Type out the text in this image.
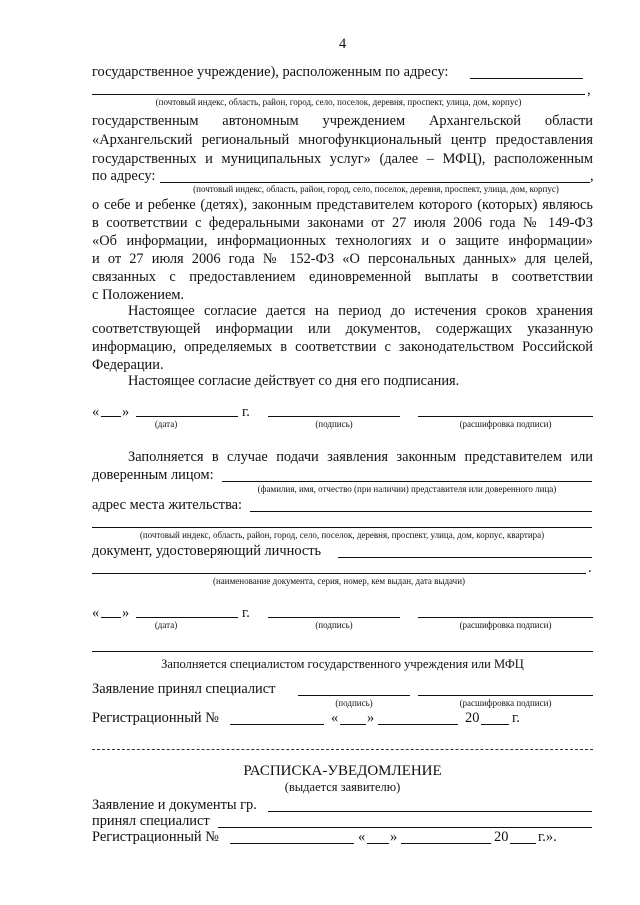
4
государственное учреждение), расположенным по адресу:
,
(почтовый индекс, область, район, город, село, поселок, деревня, проспект, улица, дом, корпус)
государственным автономным учреждением Архангельской области
«Архангельский региональный многофункциональный центр предоставления
государственных и муниципальных услуг» (далее – МФЦ), расположенным
по адресу:	,
(почтовый индекс, область, район, город, село, поселок, деревня, проспект, улица, дом, корпус)
о себе и ребенке (детях), законным представителем которого (которых) являюсь
в соответствии с федеральными законами от 27 июля 2006 года № 149-ФЗ
«Об информации, информационных технологиях и о защите информации»
и от 27 июля 2006 года № 152-ФЗ «О персональных данных» для целей,
связанных с предоставлением единовременной выплаты в соответствии
с Положением.
Настоящее согласие дается на период до истечения сроков хранения
соответствующей информации или документов, содержащих указанную
информацию, определяемых в соответствии с законодательством Российской
Федерации.
Настоящее согласие действует со дня его подписания.
« »	г.
(дата)	(подпись)	(расшифровка подписи)
Заполняется в случае подачи заявления законным представителем или
доверенным лицом:
(фамилия, имя, отчество (при наличии) представителя или доверенного лица)
адрес места жительства:
(почтовый индекс, область, район, город, село, поселок, деревня, проспект, улица, дом, корпус, квартира)
документ, удостоверяющий личность
.
(наименование документа, серия, номер, кем выдан, дата выдачи)
« »	г.
(дата)	(подпись)	(расшифровка подписи)
Заполняется специалистом государственного учреждения или МФЦ
Заявление принял специалист
(подпись)	(расшифровка подписи)
Регистрационный №	« »	20 г.
РАСПИСКА-УВЕДОМЛЕНИЕ
(выдается заявителю)
Заявление и документы гр.
принял специалист
Регистрационный №	« »	20 г.».
